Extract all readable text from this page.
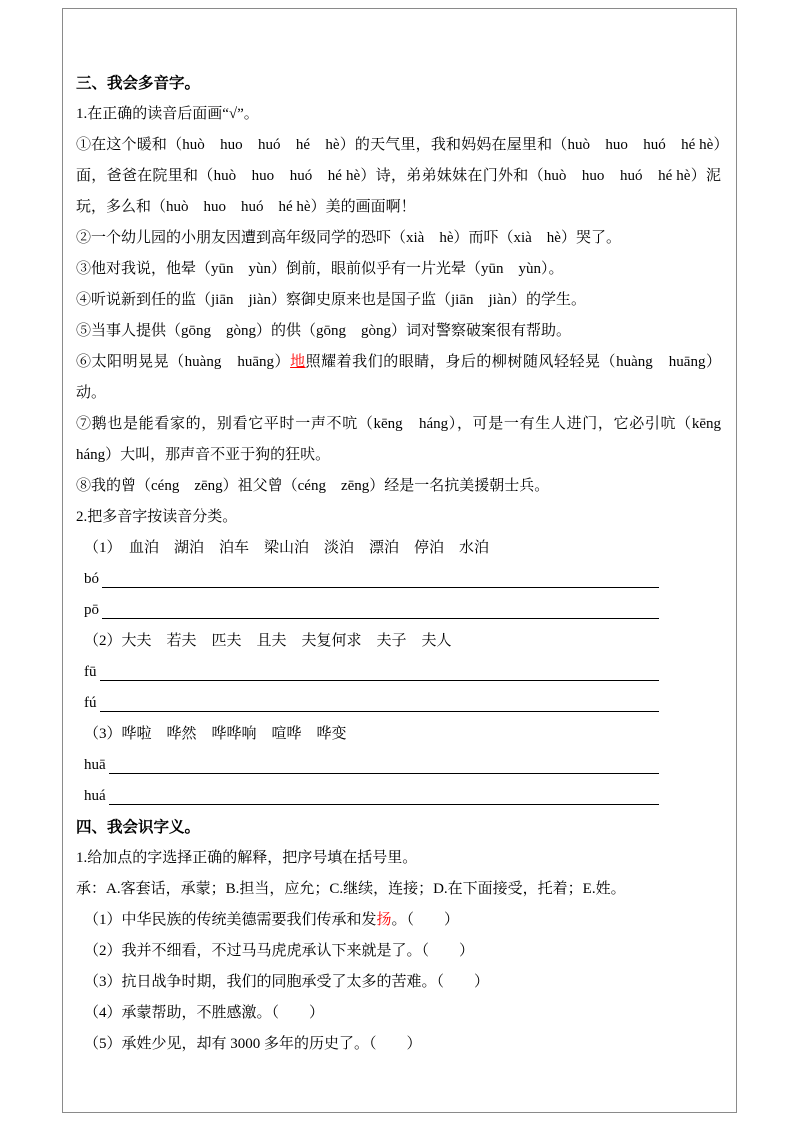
三、我会多音字。

1.在正确的读音后面画“√”。

①在这个暖和（huò　huo　huó　hé　hè）的天气里，我和妈妈在屋里和（huò　huo　huó　hé hè）面，爸爸在院里和（huò　huo　huó　hé hè）诗，弟弟妹妹在门外和（huò　huo　huó　hé hè）泥玩，多么和（huò　huo　huó　hé hè）美的画面啊！

②一个幼儿园的小朋友因遭到高年级同学的恐吓（xià　hè）而吓（xià　hè）哭了。

③他对我说，他晕（yūn　yùn）倒前，眼前似乎有一片光晕（yūn　yùn）。

④听说新到任的监（jiān　jiàn）察御史原来也是国子监（jiān　jiàn）的学生。

⑤当事人提供（gōng　gòng）的供（gōng　gòng）词对警察破案很有帮助。

⑥太阳明晃晃（huàng　huāng）地照耀着我们的眼睛，身后的柳树随风轻轻晃（huàng　huāng）动。

⑦鹅也是能看家的，别看它平时一声不吭（kēng　háng），可是一有生人进门，它必引吭（kēng　háng）大叫，那声音不亚于狗的狂吠。

⑧我的曾（céng　zēng）祖父曾（céng　zēng）经是一名抗美援朝士兵。

2.把多音字按读音分类。

（1）　血泊　湖泊　泊车　梁山泊　淡泊　漂泊　停泊　水泊

bó
pō

（2）大夫　若夫　匹夫　且夫　夫复何求　夫子　夫人

fū
fú

（3）哗啦　哗然　哗哗响　喧哗　哗变

huā
huá

四、我会识字义。

1.给加点的字选择正确的解释，把序号填在括号里。

承：A.客套话，承蒙；B.担当，应允；C.继续，连接；D.在下面接受，托着；E.姓。

（1）中华民族的传统美德需要我们传承和发扬。（　　）

（2）我并不细看，不过马马虎虎承认下来就是了。（　　）

（3）抗日战争时期，我们的同胞承受了太多的苦难。（　　）

（4）承蒙帮助，不胜感激。（　　）

（5）承姓少见，却有 3000 多年的历史了。（　　）
